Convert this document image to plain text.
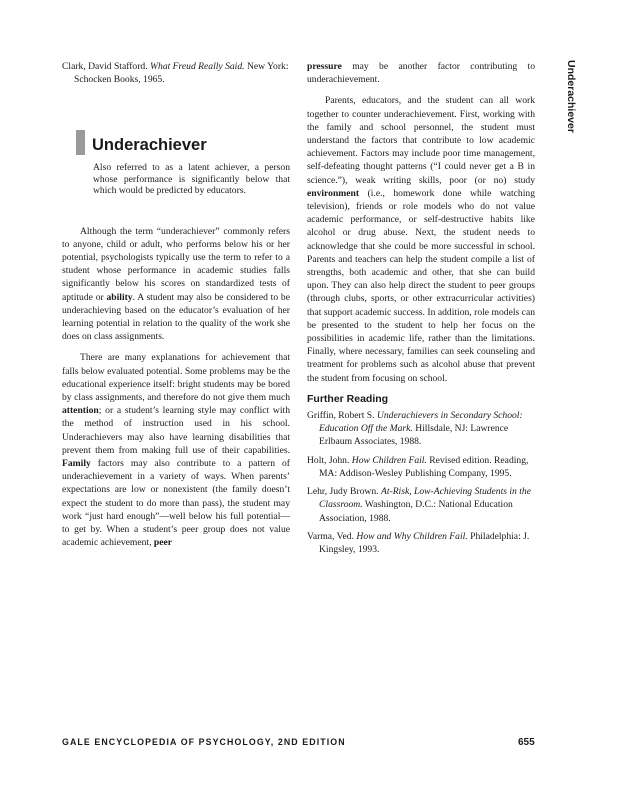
Clark, David Stafford. What Freud Really Said. New York: Schocken Books, 1965.

Underachiever

Also referred to as a latent achiever, a person whose performance is significantly below that which would be predicted by educators.

Although the term “underachiever” commonly refers to anyone, child or adult, who performs below his or her potential, psychologists typically use the term to refer to a student whose performance in academic studies falls significantly below his scores on standardized tests of aptitude or ability. A student may also be considered to be underachieving based on the educator’s evaluation of her learning potential in relation to the quality of the work she does on class assignments.

There are many explanations for achievement that falls below evaluated potential. Some problems may be the educational experience itself: bright students may be bored by class assignments, and therefore do not give them much attention; or a student’s learning style may conflict with the method of instruction used in his school. Underachievers may also have learning disabilities that prevent them from making full use of their capabilities. Family factors may also contribute to a pattern of underachievement in a variety of ways. When parents’ expectations are low or nonexistent (the family doesn’t expect the student to do more than pass), the student may work “just hard enough”—well below his full potential—to get by. When a student’s peer group does not value academic achievement, peer

pressure may be another factor contributing to underachievement.

Parents, educators, and the student can all work together to counter underachievement. First, working with the family and school personnel, the student must understand the factors that contribute to low academic achievement. Factors may include poor time management, self-defeating thought patterns (“I could never get a B in science.”), weak writing skills, poor (or no) study environment (i.e., homework done while watching television), friends or role models who do not value academic performance, or self-destructive habits like alcohol or drug abuse. Next, the student needs to acknowledge that she could be more successful in school. Parents and teachers can help the student compile a list of strengths, both academic and other, that she can build upon. They can also help direct the student to peer groups (through clubs, sports, or other extracurricular activities) that support academic success. In addition, role models can be presented to the student to help her focus on the possibilities in academic life, rather than the limitations. Finally, where necessary, families can seek counseling and treatment for problems such as alcohol abuse that prevent the student from focusing on school.

Further Reading

Griffin, Robert S. Underachievers in Secondary School: Education Off the Mark. Hillsdale, NJ: Lawrence Erlbaum Associates, 1988.

Holt, John. How Children Fail. Revised edition. Reading, MA: Addison-Wesley Publishing Company, 1995.

Lehr, Judy Brown. At-Risk, Low-Achieving Students in the Classroom. Washington, D.C.: National Education Association, 1988.

Varma, Ved. How and Why Children Fail. Philadelphia: J. Kingsley, 1993.

Underachiever
GALE ENCYCLOPEDIA OF PSYCHOLOGY, 2ND EDITION	655
